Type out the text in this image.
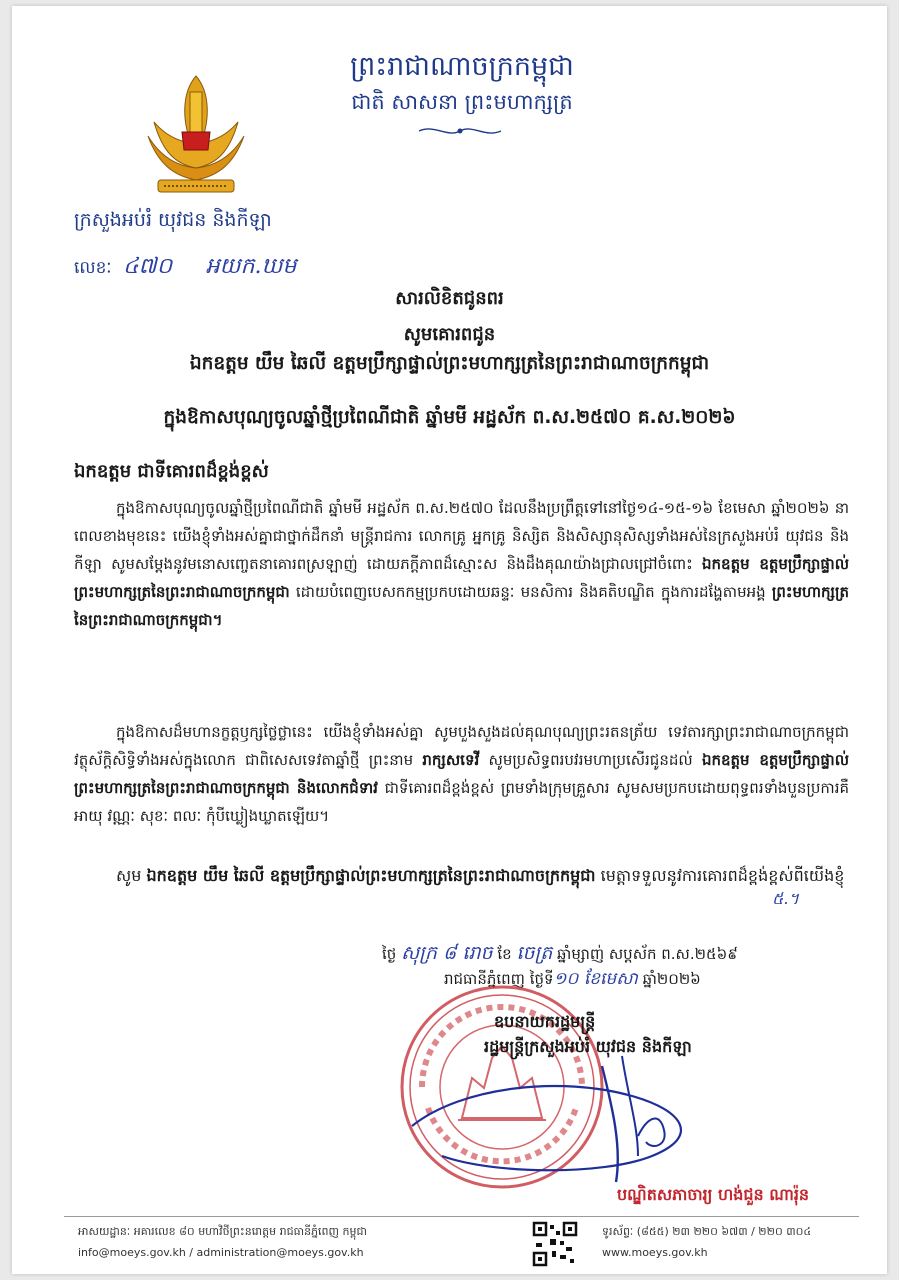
ព្រះរាជាណាចក្រកម្ពុជា
ជាតិ សាសនា ព្រះមហាក្សត្រ
ក្រសួងអប់រំ យុវជន និងកីឡា
លេខៈ ៤៧០ អយក.ឃម
សារលិខិតជូនពរ
សូមគោរពជូន
ឯកឧត្តម យឹម ឆៃលី ឧត្តមប្រឹក្សាផ្ទាល់ព្រះមហាក្សត្រនៃព្រះរាជាណាចក្រកម្ពុជា
ក្នុងឱកាសបុណ្យចូលឆ្នាំថ្មីប្រពៃណីជាតិ ឆ្នាំមមី អដ្ឋស័ក ព.ស.២៥៧០ គ.ស.២០២៦
ឯកឧត្តម ជាទីគោរពដ៏ខ្ពង់ខ្ពស់
ក្នុងឱកាសបុណ្យចូលឆ្នាំថ្មីប្រពៃណីជាតិ ឆ្នាំមមី អដ្ឋស័ក ព.ស.២៥៧០ ដែលនឹងប្រព្រឹត្តទៅនៅថ្ងៃ១៤-១៥-១៦ ខែមេសា ឆ្នាំ២០២៦ នាពេលខាងមុខនេះ យើងខ្ញុំទាំងអស់គ្នាជាថ្នាក់ដឹកនាំ មន្ត្រីរាជការ លោកគ្រូ អ្នកគ្រូ និស្សិត និងសិស្សានុសិស្សទាំងអស់នៃក្រសួងអប់រំ យុវជន និងកីឡា សូមសម្តែងនូវមនោសញ្ចេតនាគោរពស្រឡាញ់ ដោយភក្តីភាពដ៏ស្មោះស និងដឹងគុណយ៉ាងជ្រាលជ្រៅចំពោះ ឯកឧត្តម ឧត្តមប្រឹក្សាផ្ទាល់ព្រះមហាក្សត្រនៃព្រះរាជាណាចក្រកម្ពុជា ដោយបំពេញបេសកកម្មប្រកបដោយឆន្ទៈ មនសិការ និងគតិបណ្ឌិត ក្នុងការដង្ហែតាមអង្គ ព្រះមហាក្សត្រនៃព្រះរាជាណាចក្រកម្ពុជា។
ក្នុងឱកាសដ៏មហានក្ខត្តឫក្សថ្លៃថ្លានេះ យើងខ្ញុំទាំងអស់គ្នា សូមបួងសួងដល់គុណបុណ្យព្រះរតនត្រ័យ ទេវតារក្សាព្រះរាជាណាចក្រកម្ពុជា វត្ថុស័ក្តិសិទ្ធិទាំងអស់ក្នុងលោក ជាពិសេសទេវតាឆ្នាំថ្មី ព្រះនាម រាក្សសទេវី សូមប្រសិទ្ធពរបវរមហាប្រសើរជូនដល់ ឯកឧត្តម ឧត្តមប្រឹក្សាផ្ទាល់ព្រះមហាក្សត្រនៃព្រះរាជាណាចក្រកម្ពុជា និងលោកជំទាវ ជាទីគោរពដ៏ខ្ពង់ខ្ពស់ ព្រមទាំងក្រុមគ្រួសារ សូមសមប្រកបដោយពុទ្ធពរទាំងបួនប្រការគឺ អាយុ វណ្ណៈ សុខៈ ពលៈ កុំបីឃ្លៀងឃ្លាតឡើយ។
សូម ឯកឧត្តម យឹម ឆៃលី ឧត្តមប្រឹក្សាផ្ទាល់ព្រះមហាក្សត្រនៃព្រះរាជាណាចក្រកម្ពុជា មេត្តាទទួលនូវការគោរពដ៏ខ្ពង់ខ្ពស់ពីយើងខ្ញុំ
៥.។
ថ្ងៃ សុក្រ ៨ រោច ខែ ចេត្រ ឆ្នាំម្សាញ់ សប្តស័ក ព.ស.២៥៦៩
រាជធានីភ្នំពេញ ថ្ងៃទី១០ ខែមេសា ឆ្នាំ២០២៦
ឧបនាយករដ្ឋមន្ត្រី
រដ្ឋមន្ត្រីក្រសួងអប់រំ យុវជន និងកីឡា
បណ្ឌិតសភាចារ្យ ហង់ជួន ណារ៉ុន
អាសយដ្ឋានៈ អគារលេខ ៨០ មហាវិថីព្រះនរោត្តម រាជធានីភ្នំពេញ កម្ពុជា
info@moeys.gov.kh / administration@moeys.gov.kh
ទូរស័ព្ទៈ (៨៥៥) ២៣ ២២០ ៦៧៣ / ២២០ ៣០៤
www.moeys.gov.kh
